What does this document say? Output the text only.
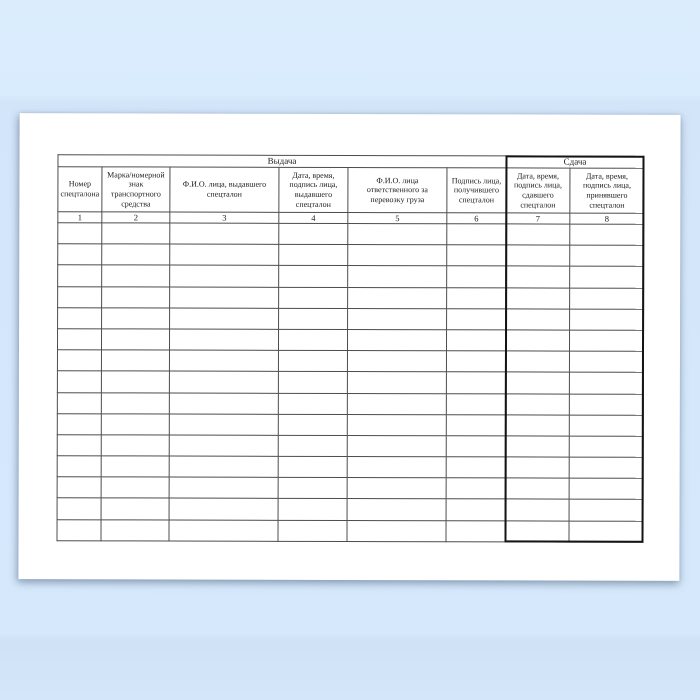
Выдача						Сдача	
Номер спецталона	Марка/номерной знак транспортного средства	Ф.И.О. лица, выдавшего спецталон	Дата, время, подпись лица, выдавшего спецталон	Ф.И.О. лица ответственного за перевозку груза	Подпись лица, получившего спецталон	Дата, время, подпись лица, сдавшего спецталон	Дата, время, подпись лица, принявшего спецталон
1	2	3	4	5	6	7	8
